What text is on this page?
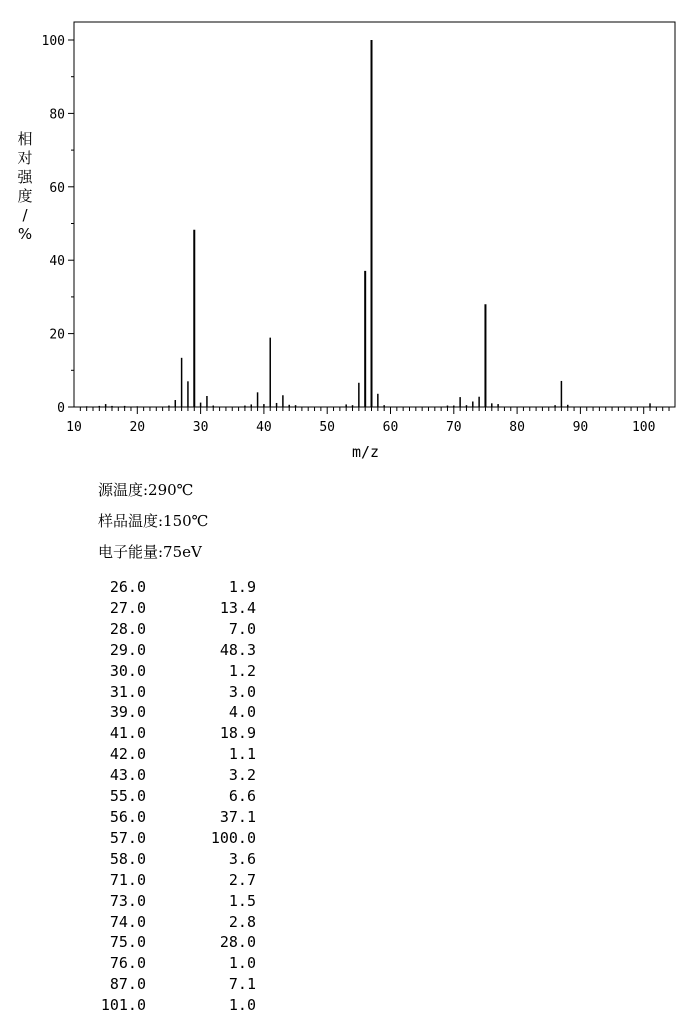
0
20
40
60
80
100
10	20	30	40	50	60	70	80	90	100
相
对
强
度
/
%
m/z
源温度:290℃
样品温度:150℃
电子能量:75eV
26.0	1.9
27.0	13.4
28.0	7.0
29.0	48.3
30.0	1.2
31.0	3.0
39.0	4.0
41.0	18.9
42.0	1.1
43.0	3.2
55.0	6.6
56.0	37.1
57.0	100.0
58.0	3.6
71.0	2.7
73.0	1.5
74.0	2.8
75.0	28.0
76.0	1.0
87.0	7.1
101.0	1.0
